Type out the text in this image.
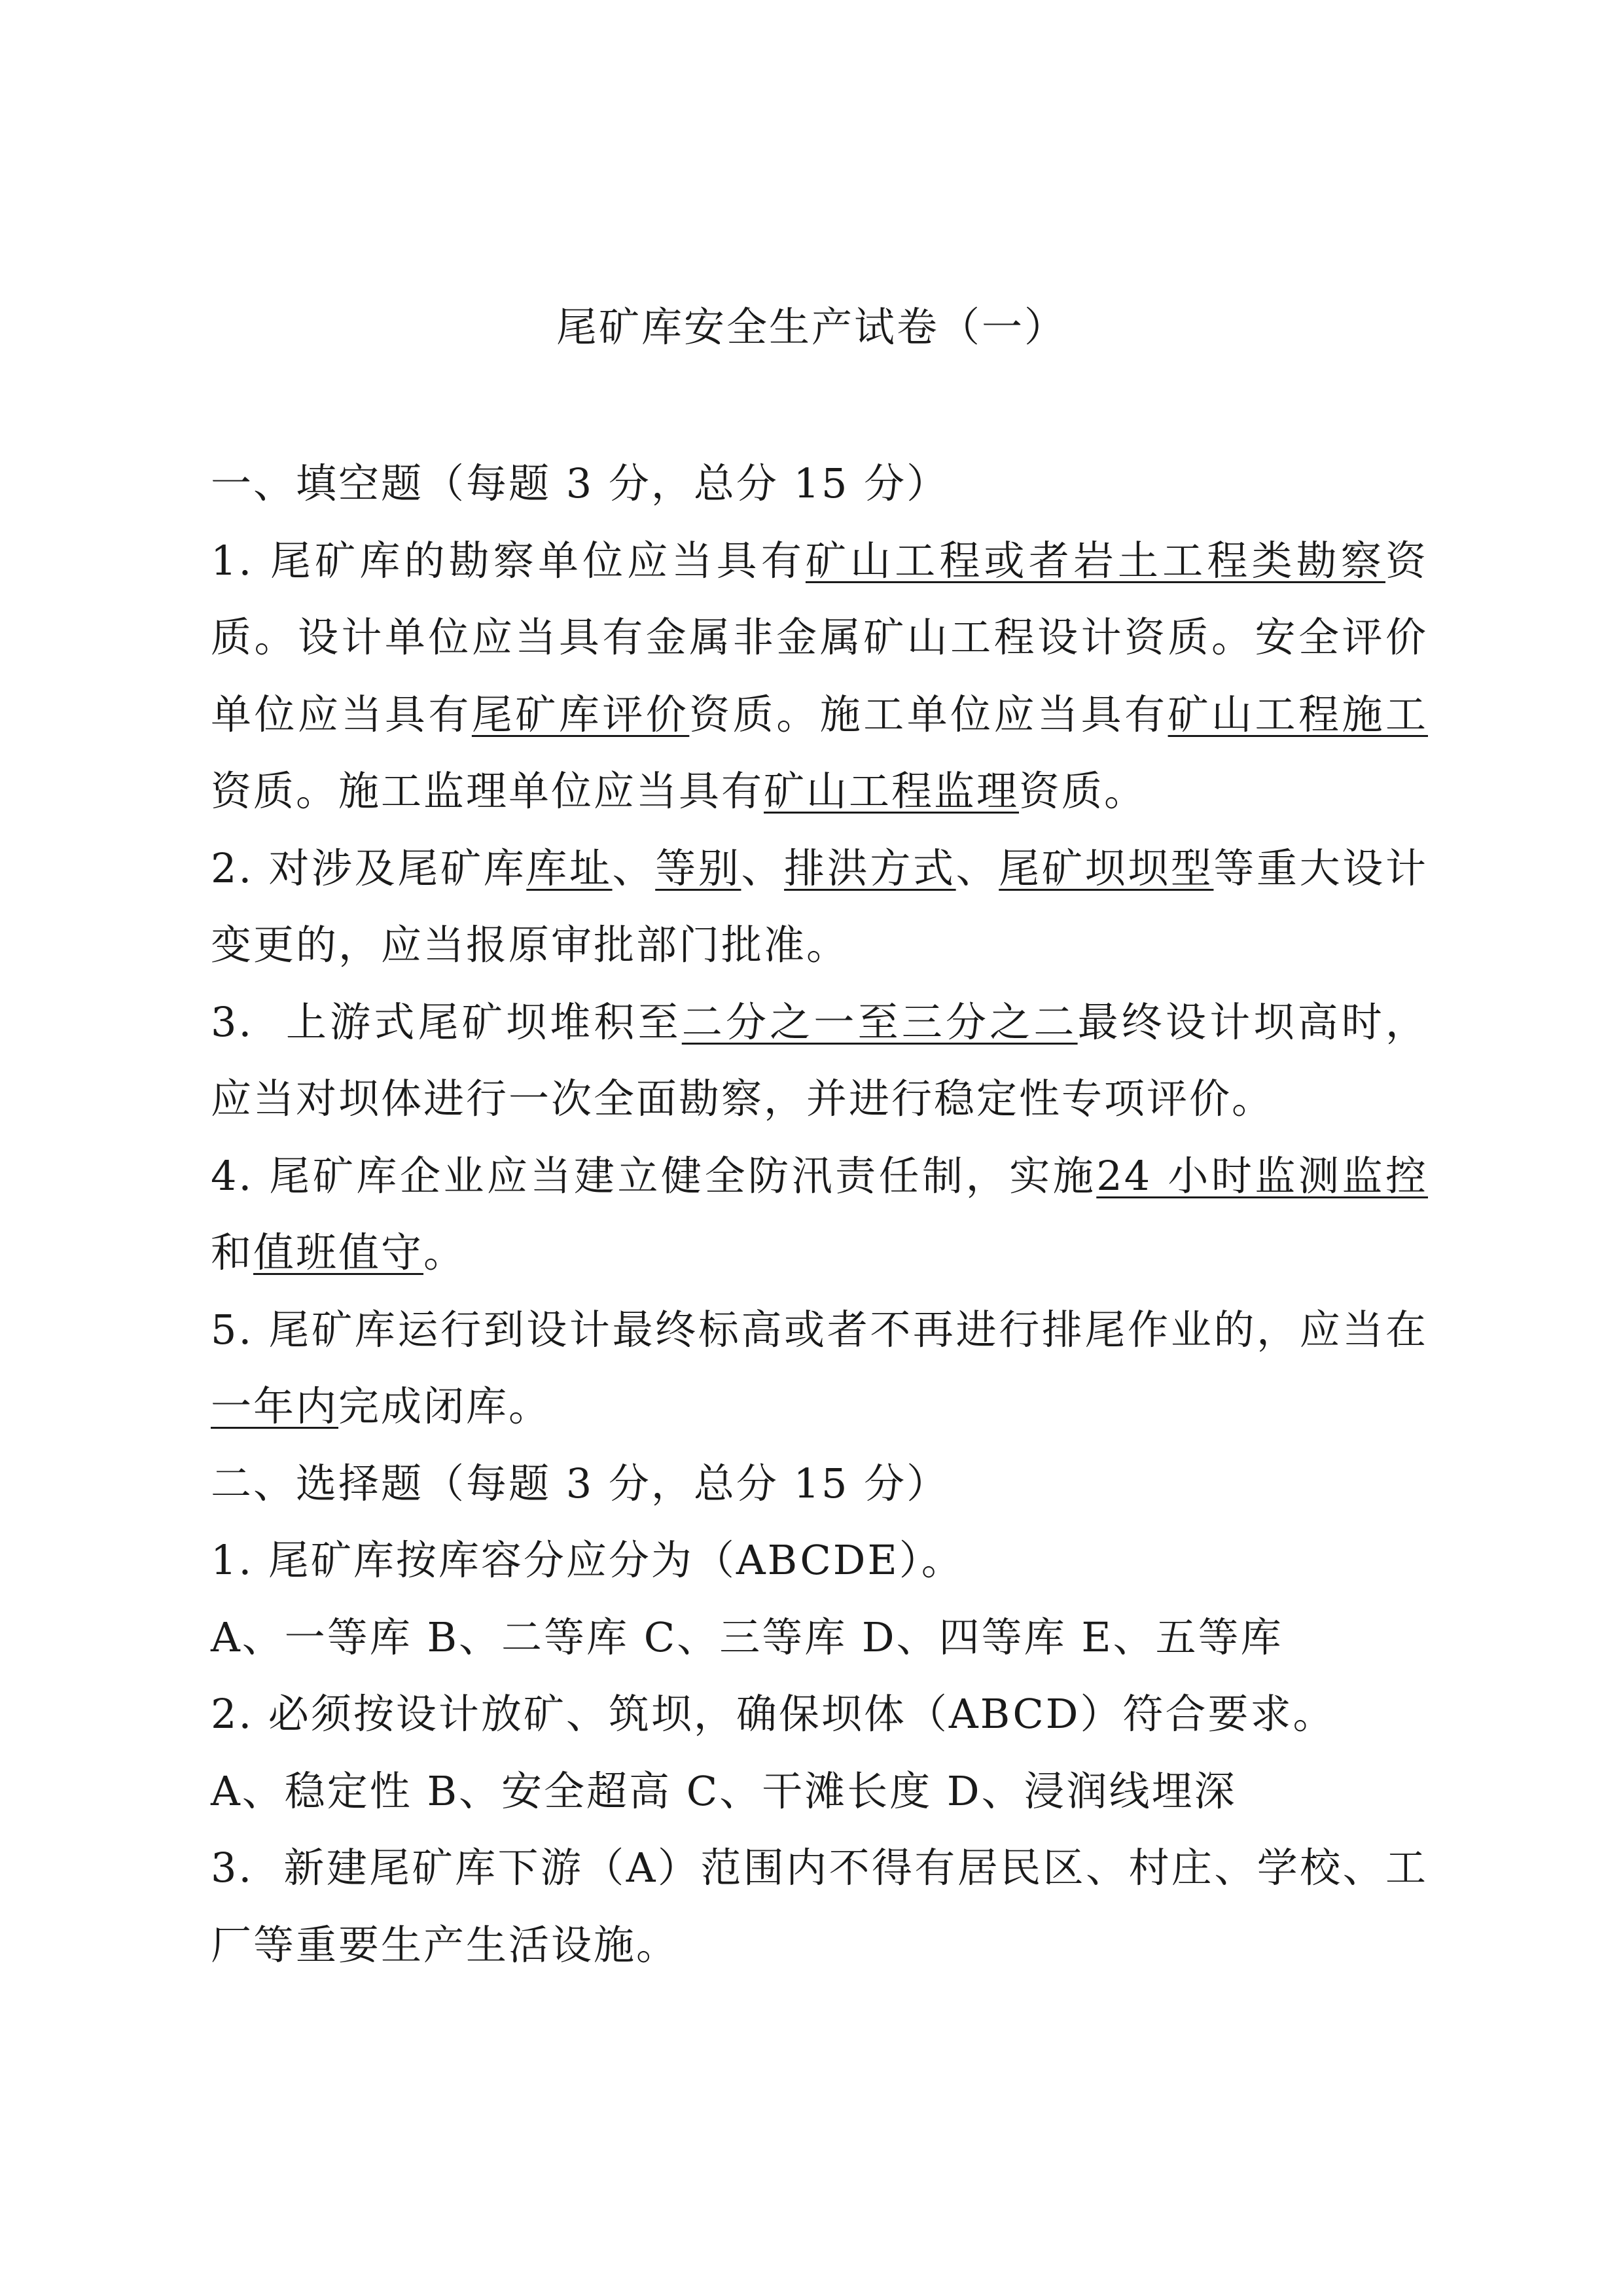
尾矿库安全生产试卷（一）
一、填空题（每题 3 分，总分 15 分）
1. 尾矿库的勘察单位应当具有矿山工程或者岩土工程类勘察资
质。设计单位应当具有金属非金属矿山工程设计资质。安全评价
单位应当具有尾矿库评价资质。施工单位应当具有矿山工程施工
资质。施工监理单位应当具有矿山工程监理资质。
2. 对涉及尾矿库库址、等别、排洪方式、尾矿坝坝型等重大设计
变更的，应当报原审批部门批准。
3.  上游式尾矿坝堆积至二分之一至三分之二最终设计坝高时，
应当对坝体进行一次全面勘察，并进行稳定性专项评价。
4. 尾矿库企业应当建立健全防汛责任制，实施24 小时监测监控
和值班值守。
5. 尾矿库运行到设计最终标高或者不再进行排尾作业的，应当在
一年内完成闭库。
二、选择题（每题 3 分，总分 15 分）
1. 尾矿库按库容分应分为（ABCDE）。
A、一等库 B、二等库 C、三等库 D、四等库 E、五等库
2. 必须按设计放矿、筑坝，确保坝体（ABCD）符合要求。
A、稳定性 B、安全超高 C、干滩长度 D、浸润线埋深
3.  新建尾矿库下游（A）范围内不得有居民区、村庄、学校、工
厂等重要生产生活设施。
